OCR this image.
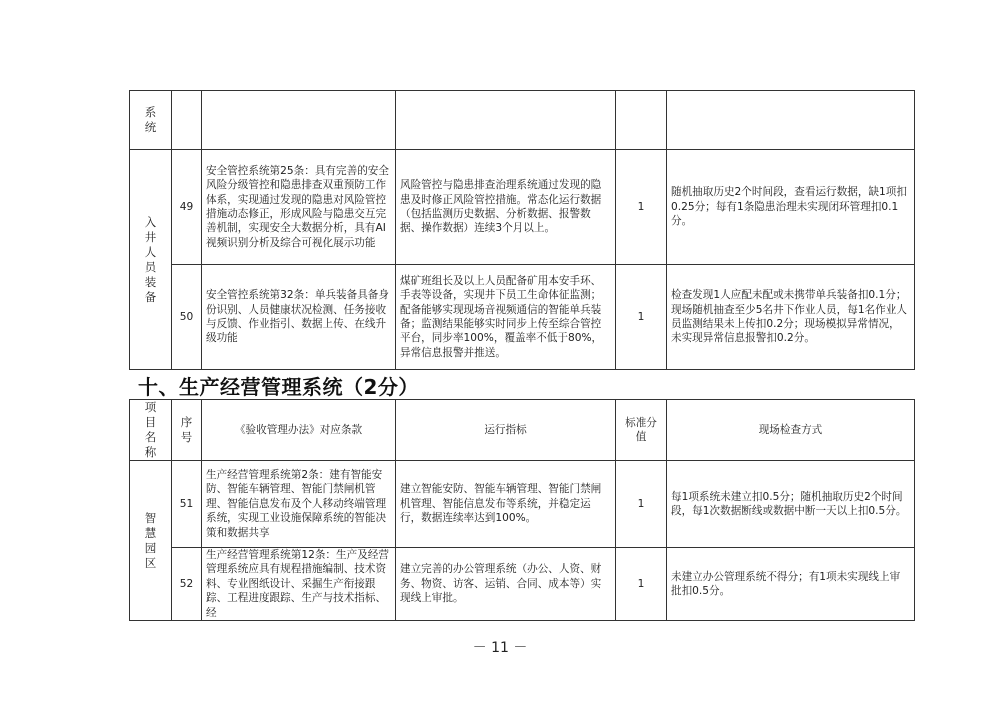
系统					

入井人员装备	49	安全管控系统第25条：具有完善的安全风险分级管控和隐患排查双重预防工作体系，实现通过发现的隐患对风险管控措施动态修正，形成风险与隐患交互完善机制，实现安全大数据分析，具有AI视频识别分析及综合可视化展示功能	风险管控与隐患排查治理系统通过发现的隐患及时修正风险管控措施。常态化运行数据（包括监测历史数据、分析数据、报警数据、操作数据）连续3个月以上。	1	随机抽取历史2个时间段，查看运行数据，缺1项扣0.25分；每有1条隐患治理未实现闭环管理扣0.1分。
	50	安全管控系统第32条：单兵装备具备身份识别、人员健康状况检测、任务接收与反馈、作业指引、数据上传、在线升级功能	煤矿班组长及以上人员配备矿用本安手环、手表等设备，实现井下员工生命体征监测；配备能够实现现场音视频通信的智能单兵装备；监测结果能够实时同步上传至综合管控平台，同步率100%，覆盖率不低于80%，异常信息报警并推送。	1	检查发现1人应配未配或未携带单兵装备扣0.1分；现场随机抽查至少5名井下作业人员，每1名作业人员监测结果未上传扣0.2分；现场模拟异常情况，未实现异常信息报警扣0.2分。
十、生产经营管理系统（2分）
项目名称	序号	《验收管理办法》对应条款	运行指标	标准分值	现场检查方式

智慧园区	51	生产经营管理系统第2条：建有智能安防、智能车辆管理、智能门禁闸机管理、智能信息发布及个人移动终端管理系统，实现工业设施保障系统的智能决策和数据共享	建立智能安防、智能车辆管理、智能门禁闸机管理、智能信息发布等系统，并稳定运行，数据连续率达到100%。	1	每1项系统未建立扣0.5分；随机抽取历史2个时间段，每1次数据断线或数据中断一天以上扣0.5分。
	52	生产经营管理系统第12条：生产及经营管理系统应具有规程措施编制、技术资料、专业图纸设计、采掘生产衔接跟踪、工程进度跟踪、生产与技术指标、经	建立完善的办公管理系统（办公、人资、财务、物资、访客、运销、合同、成本等）实现线上审批。	1	未建立办公管理系统不得分；有1项未实现线上审批扣0.5分。
－ 11 －
